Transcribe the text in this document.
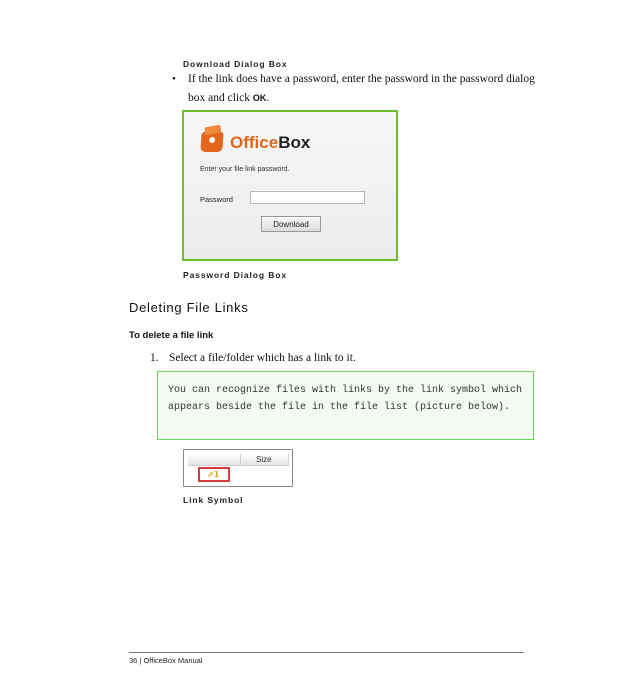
Download Dialog Box
• If the link does have a password, enter the password in the password dialog
box and click OK.
OfficeBox
Enter your file link password.
Password
Download
Password Dialog Box
Deleting File Links
To delete a file link
1. Select a file/folder which has a link to it.

You can recognize files with links by the link symbol which appears beside the file in the file list (picture below).

Size
⇗1
Link Symbol
36 | OfficeBox Manual
